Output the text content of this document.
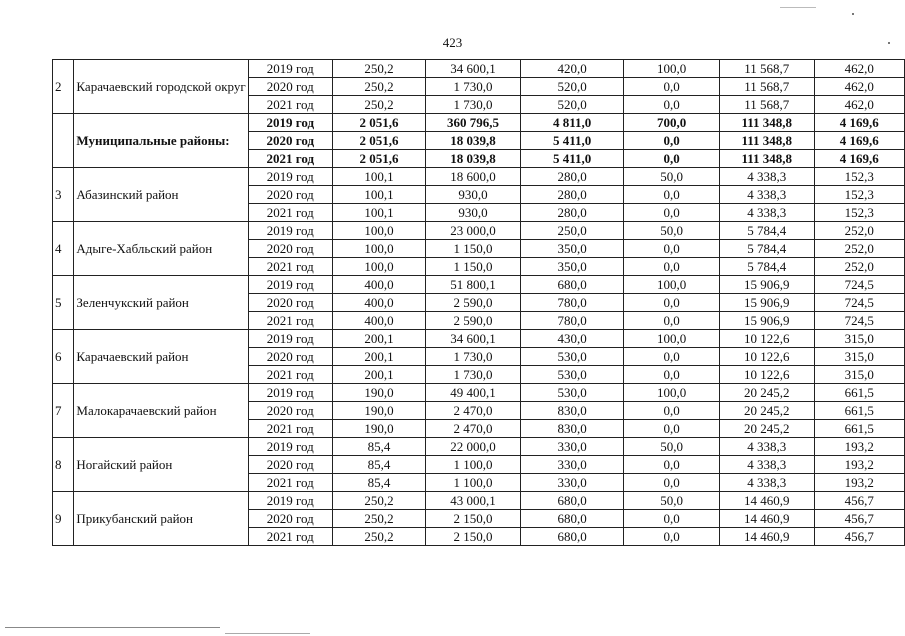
423
2	Карачаевский городской округ	2019 год	250,2	34 600,1	420,0	100,0	11 568,7	462,0
		2020 год	250,2	1 730,0	520,0	0,0	11 568,7	462,0
		2021 год	250,2	1 730,0	520,0	0,0	11 568,7	462,0
	Муниципальные районы:	2019 год	2 051,6	360 796,5	4 811,0	700,0	111 348,8	4 169,6
		2020 год	2 051,6	18 039,8	5 411,0	0,0	111 348,8	4 169,6
		2021 год	2 051,6	18 039,8	5 411,0	0,0	111 348,8	4 169,6
3	Абазинский район	2019 год	100,1	18 600,0	280,0	50,0	4 338,3	152,3
		2020 год	100,1	930,0	280,0	0,0	4 338,3	152,3
		2021 год	100,1	930,0	280,0	0,0	4 338,3	152,3
4	Адыге-Хабльский район	2019 год	100,0	23 000,0	250,0	50,0	5 784,4	252,0
		2020 год	100,0	1 150,0	350,0	0,0	5 784,4	252,0
		2021 год	100,0	1 150,0	350,0	0,0	5 784,4	252,0
5	Зеленчукский район	2019 год	400,0	51 800,1	680,0	100,0	15 906,9	724,5
		2020 год	400,0	2 590,0	780,0	0,0	15 906,9	724,5
		2021 год	400,0	2 590,0	780,0	0,0	15 906,9	724,5
6	Карачаевский район	2019 год	200,1	34 600,1	430,0	100,0	10 122,6	315,0
		2020 год	200,1	1 730,0	530,0	0,0	10 122,6	315,0
		2021 год	200,1	1 730,0	530,0	0,0	10 122,6	315,0
7	Малокарачаевский район	2019 год	190,0	49 400,1	530,0	100,0	20 245,2	661,5
		2020 год	190,0	2 470,0	830,0	0,0	20 245,2	661,5
		2021 год	190,0	2 470,0	830,0	0,0	20 245,2	661,5
8	Ногайский район	2019 год	85,4	22 000,0	330,0	50,0	4 338,3	193,2
		2020 год	85,4	1 100,0	330,0	0,0	4 338,3	193,2
		2021 год	85,4	1 100,0	330,0	0,0	4 338,3	193,2
9	Прикубанский район	2019 год	250,2	43 000,1	680,0	50,0	14 460,9	456,7
		2020 год	250,2	2 150,0	680,0	0,0	14 460,9	456,7
		2021 год	250,2	2 150,0	680,0	0,0	14 460,9	456,7
